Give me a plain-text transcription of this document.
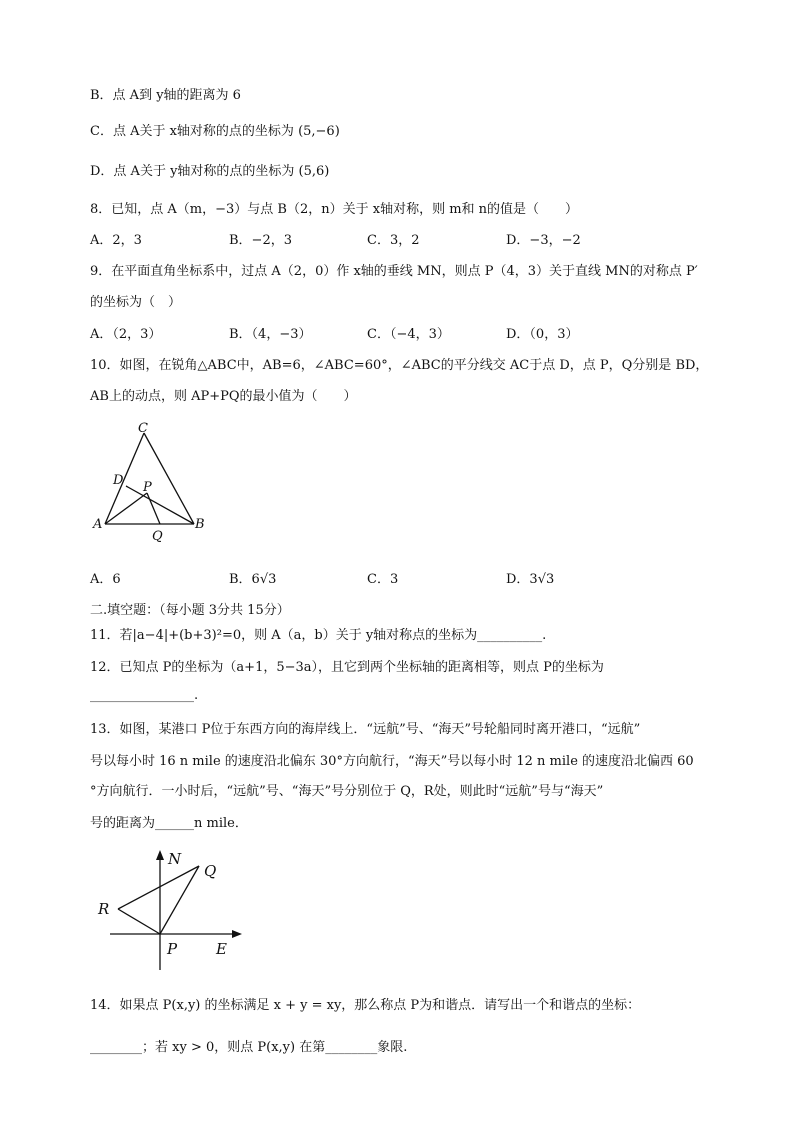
B．点 A到 y轴的距离为 6
C．点 A关于 x轴对称的点的坐标为 (5,−6)
D．点 A关于 y轴对称的点的坐标为 (5,6)
8．已知，点 A（m，−3）与点 B（2，n）关于 x轴对称，则 m和 n的值是（　　）
A．2，3	B．−2，3	C．3，2	D．−3，−2
9．在平面直角坐标系中，过点 A（2，0）作 x轴的垂线 MN，则点 P（4，3）关于直线 MN的对称点 P′
的坐标为（　）
A．（2，3）	B．（4，−3）	C．（−4，3）	D．（0，3）
10．如图，在锐角△ABC中，AB=6，∠ABC=60°，∠ABC的平分线交 AC于点 D，点 P，Q分别是 BD，
AB上的动点，则 AP+PQ的最小值为（　　）
C
D P
A	B
Q
A．6	B．6√3	C．3	D．3√3
二.填空题：（每小题 3分共 15分）
11．若|a−4|+(b+3)²=0，则 A（a，b）关于 y轴对称点的坐标为__________.
12．已知点 P的坐标为（a+1，5−3a），且它到两个坐标轴的距离相等，则点 P的坐标为
________________.
13．如图，某港口 P位于东西方向的海岸线上．“远航”号、“海天”号轮船同时离开港口，“远航”
号以每小时 16 n mile 的速度沿北偏东 30°方向航行，“海天”号以每小时 12 n mile 的速度沿北偏西 60
°方向航行．一小时后，“远航”号、“海天”号分别位于 Q，R处，则此时“远航”号与“海天”
号的距离为______n mile．
N
Q
R
P	E
14．如果点 P(x,y) 的坐标满足 x + y = xy，那么称点 P为和谐点．请写出一个和谐点的坐标：
________；若 xy > 0，则点 P(x,y) 在第________象限.
